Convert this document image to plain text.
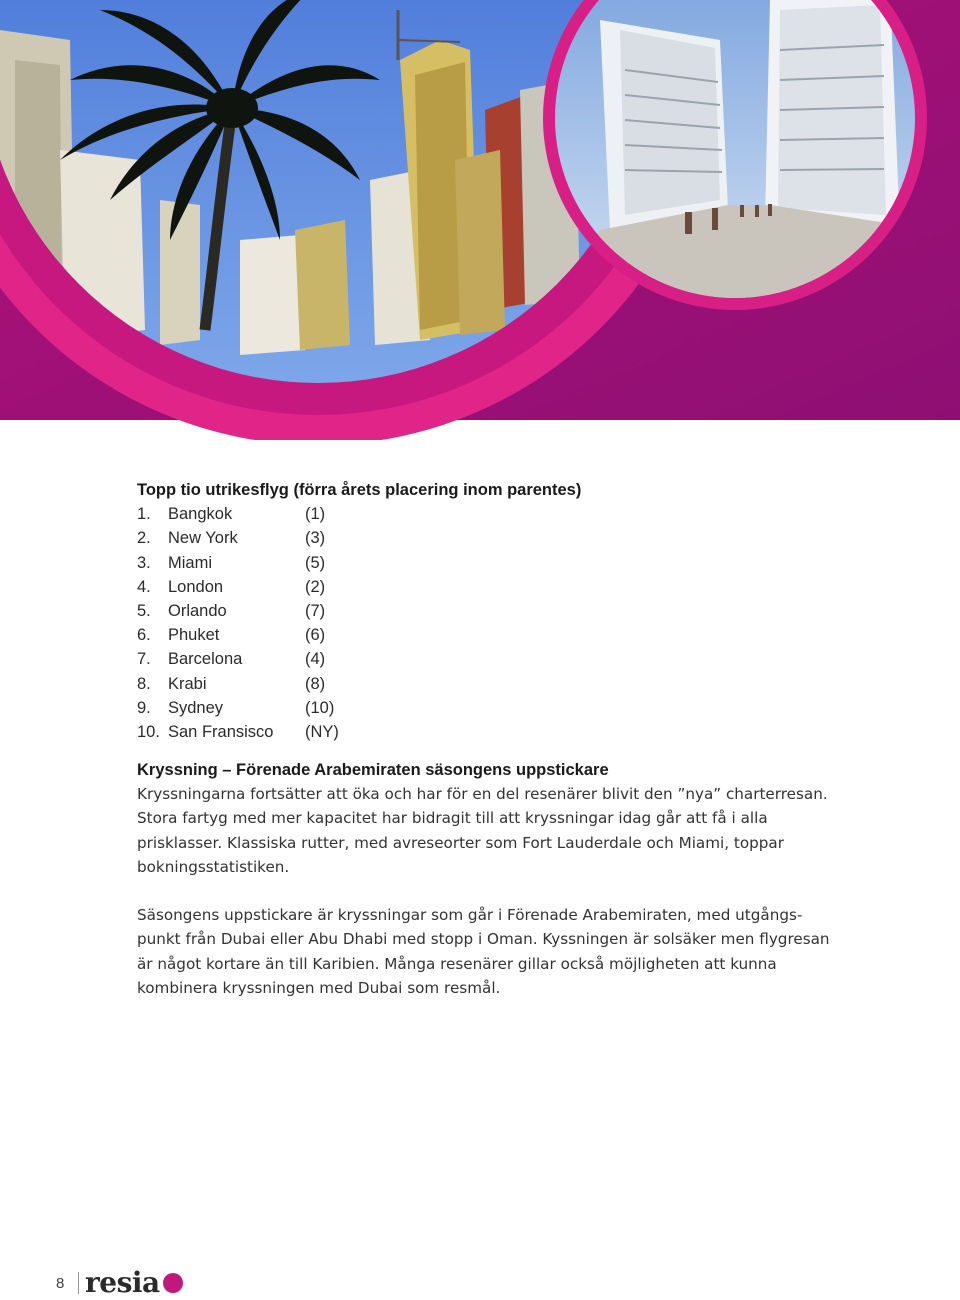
Topp tio utrikesflyg (förra årets placering inom parentes)
1.	Bangkok	(1)
2.	New York	(3)
3.	Miami	(5)
4.	London	(2)
5.	Orlando	(7)
6.	Phuket	(6)
7.	Barcelona	(4)
8.	Krabi	(8)
9.	Sydney	(10)
10. San Fransisco	(NY)
Kryssning – Förenade Arabemiraten säsongens uppstickare

Kryssningarna fortsätter att öka och har för en del resenärer blivit den ”nya” charterresan. Stora fartyg med mer kapacitet har bidragit till att kryssningar idag går att få i alla prisklasser. Klassiska rutter, med avreseorter som Fort Lauderdale och Miami, toppar bokningsstatistiken.

Säsongens uppstickare är kryssningar som går i Förenade Arabemiraten, med utgångs-punkt från Dubai eller Abu Dhabi med stopp i Oman. Kyssningen är solsäker men flygresan är något kortare än till Karibien. Många resenärer gillar också möjligheten att kunna kombinera kryssningen med Dubai som resmål.

8 resia
